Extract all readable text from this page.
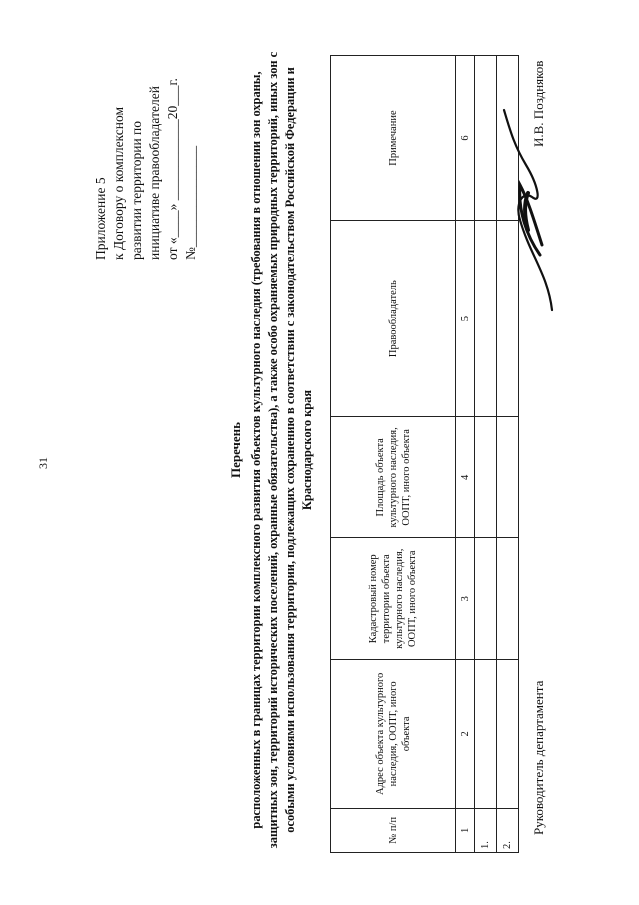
31
Приложение 5 к Договору о комплексном развитии территории по инициативе правообладателей от «____» ____________20___г. №_______________
Перечень расположенных в границах территории комплексного развития объектов культурного наследия (требования в отношении зон охраны, защитных зон, территорий исторических поселений, охранные обязательства), а также особо охраняемых природных территорий, иных зон с особыми условиями использования территории, подлежащих сохранению в соответствии с законодательством Российской Федерации и Краснодарского края
№ п/п	Адрес объекта культурного наследия, ООПТ, иного объекта	Кадастровый номер территории объекта культурного наследия, ООПТ, иного объекта	Площадь объекта культурного наследия, ООПТ, иного объекта	Правообладатель	Примечание
1	2	3	4	5	6
1.					
2.					
Руководитель департамента
И.В. Поздняков
